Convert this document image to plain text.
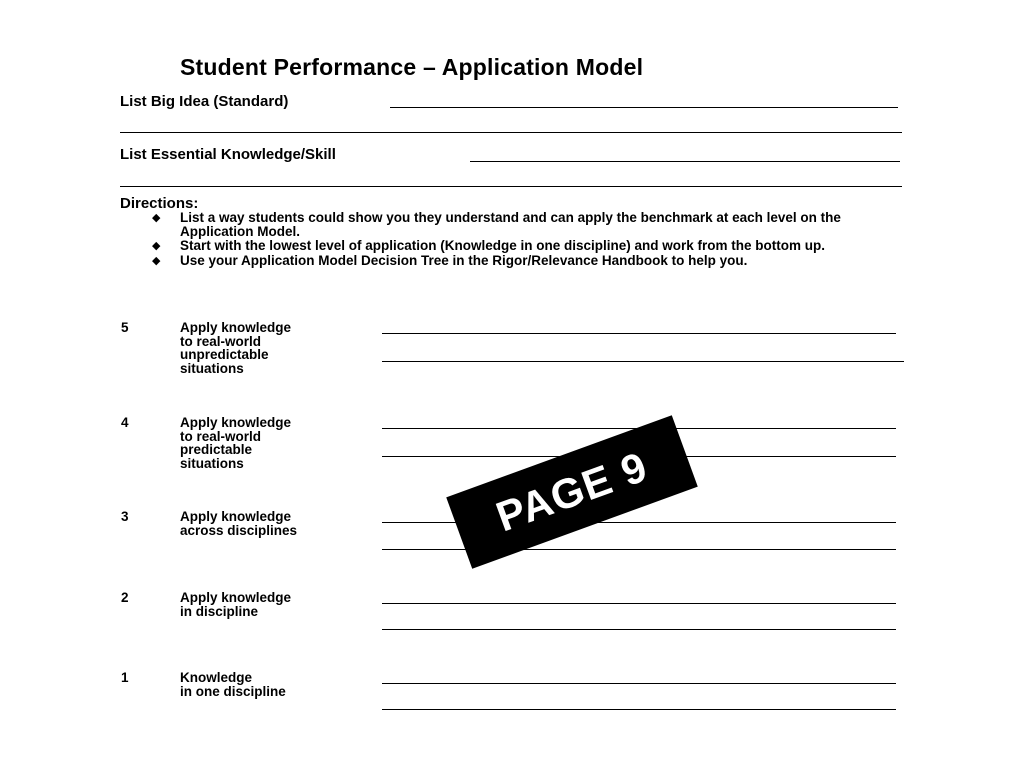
Student Performance – Application Model
List Big Idea (Standard)
List Essential Knowledge/Skill
Directions:
◆ List a way students could show you they understand and can apply the benchmark at each level on the Application Model.
◆ Start with the lowest level of application (Knowledge in one discipline) and work from the bottom up.
◆ Use your Application Model Decision Tree in the Rigor/Relevance Handbook to help you.
5	Apply knowledge
to real-world
unpredictable
situations
4	Apply knowledge
to real-world
predictable
situations
3	Apply knowledge
across disciplines
2	Apply knowledge
in discipline
1	Knowledge
in one discipline
PAGE 9
